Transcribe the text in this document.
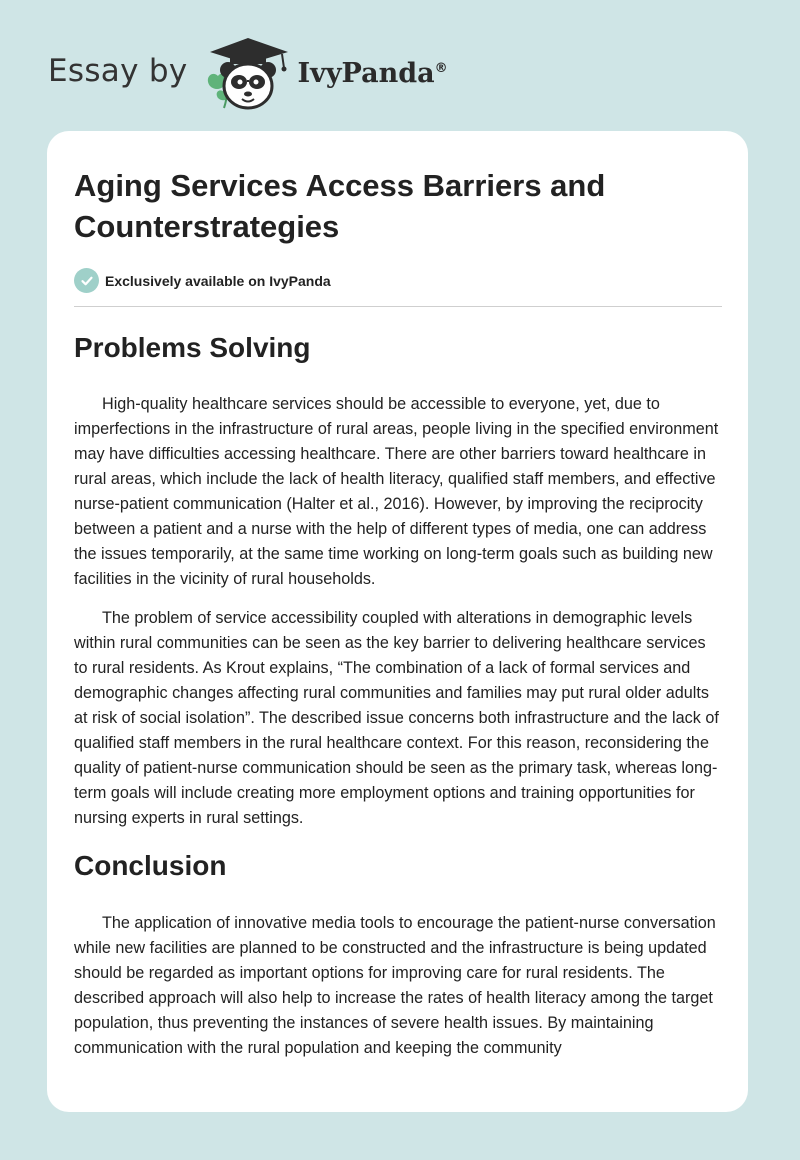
Essay by	IvyPanda®
Aging Services Access Barriers and Counterstrategies
Exclusively available on IvyPanda
Problems Solving

High-quality healthcare services should be accessible to everyone, yet, due to imperfections in the infrastructure of rural areas, people living in the specified environment may have difficulties accessing healthcare. There are other barriers toward healthcare in rural areas, which include the lack of health literacy, qualified staff members, and effective nurse-patient communication (Halter et al., 2016). However, by improving the reciprocity between a patient and a nurse with the help of different types of media, one can address the issues temporarily, at the same time working on long-term goals such as building new facilities in the vicinity of rural households.

The problem of service accessibility coupled with alterations in demographic levels within rural communities can be seen as the key barrier to delivering healthcare services to rural residents. As Krout explains, “The combination of a lack of formal services and demographic changes affecting rural communities and families may put rural older adults at risk of social isolation”. The described issue concerns both infrastructure and the lack of qualified staff members in the rural healthcare context. For this reason, reconsidering the quality of patient-nurse communication should be seen as the primary task, whereas long-term goals will include creating more employment options and training opportunities for nursing experts in rural settings.

Conclusion

The application of innovative media tools to encourage the patient-nurse conversation while new facilities are planned to be constructed and the infrastructure is being updated should be regarded as important options for improving care for rural residents. The described approach will also help to increase the rates of health literacy among the target population, thus preventing the instances of severe health issues. By maintaining communication with the rural population and keeping the community
